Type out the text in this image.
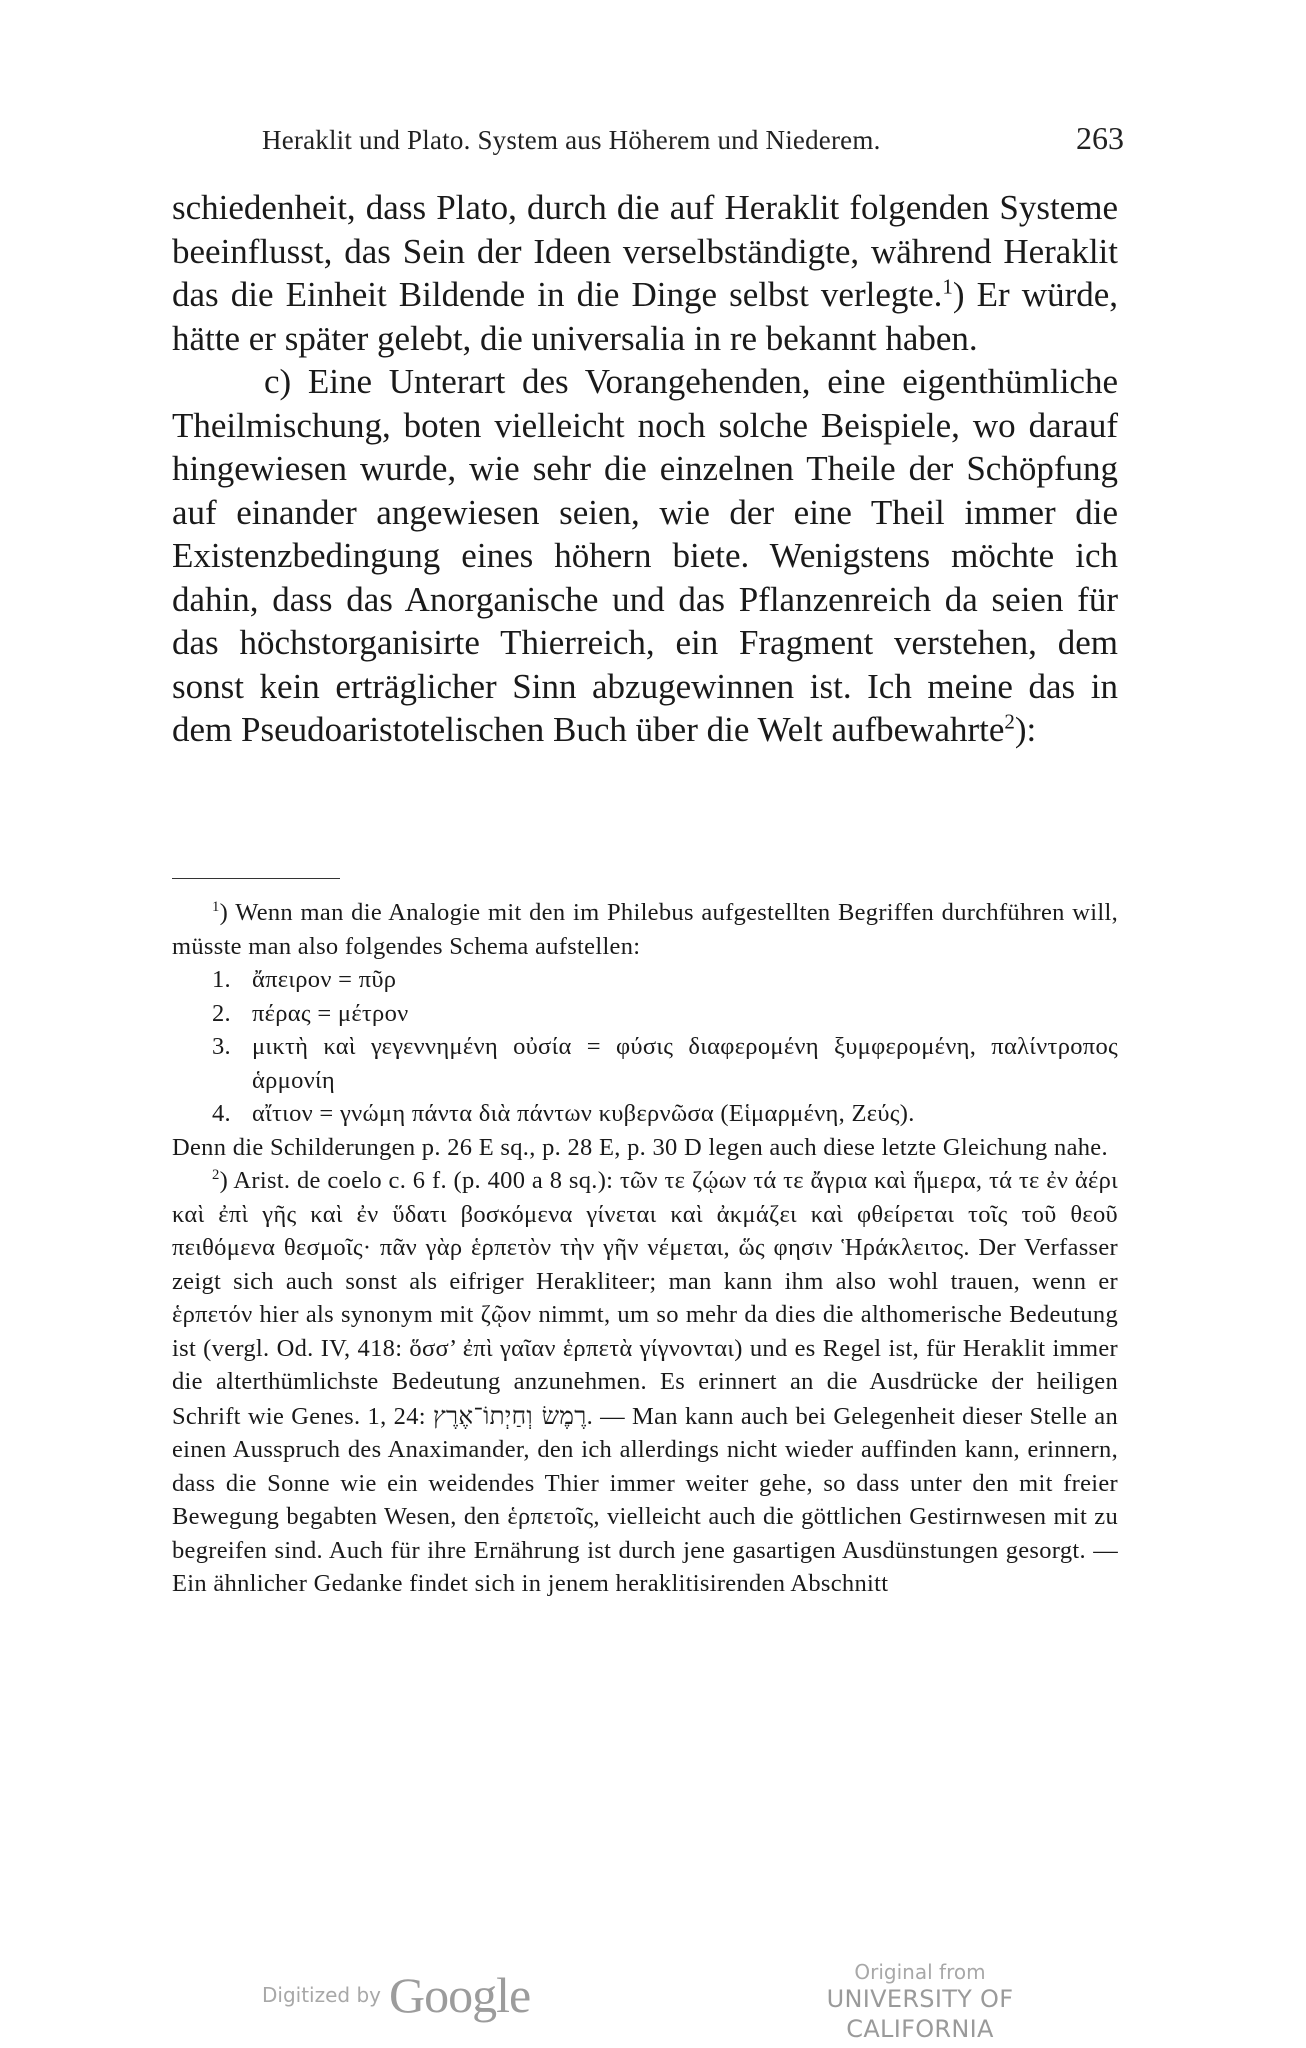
Heraklit und Plato. System aus Höherem und Niederem.	263

schiedenheit, dass Plato, durch die auf Heraklit folgenden Systeme beeinflusst, das Sein der Ideen verselbständigte, während Heraklit das die Einheit Bildende in die Dinge selbst verlegte.$^1$) Er würde, hätte er später gelebt, die universalia in re bekannt haben.

c) Eine Unterart des Vorangehenden, eine eigenthümliche Theilmischung, boten vielleicht noch solche Beispiele, wo darauf hingewiesen wurde, wie sehr die einzelnen Theile der Schöpfung auf einander angewiesen seien, wie der eine Theil immer die Existenzbedingung eines höhern biete. Wenigstens möchte ich dahin, dass das Anorganische und das Pflanzenreich da seien für das höchstorganisirte Thierreich, ein Fragment verstehen, dem sonst kein erträglicher Sinn abzugewinnen ist. Ich meine das in dem Pseudoaristotelischen Buch über die Welt aufbewahrte$^2$):

$^1$) Wenn man die Analogie mit den im Philebus aufgestellten Begriffen durchführen will, müsste man also folgendes Schema aufstellen:

1. ἄπειρον = πῦρ
2. πέρας = μέτρον
3. μικτὴ καὶ γεγεννημένη οὐσία = φύσις διαφερομένη ξυμφερομένη, παλίντροπος ἁρμονίη
4. αἴτιον = γνώμη πάντα διὰ πάντων κυβερνῶσα (Εἱμαρμένη, Ζεύς).

Denn die Schilderungen p. 26 E sq., p. 28 E, p. 30 D legen auch diese letzte Gleichung nahe.

$^2$) Arist. de coelo c. 6 f. (p. 400 a 8 sq.): τῶν τε ζῴων τά τε ἄγρια καὶ ἥμερα, τά τε ἐν ἀέρι καὶ ἐπὶ γῆς καὶ ἐν ὕδατι βοσκόμενα γίνεται καὶ ἀκμάζει καὶ φθείρεται τοῖς τοῦ θεοῦ πειθόμενα θεσμοῖς· πᾶν γὰρ ἑρπετὸν τὴν γῆν νέμεται, ὥς φησιν Ἡράκλειτος. Der Verfasser zeigt sich auch sonst als eifriger Herakliteer; man kann ihm also wohl trauen, wenn er ἑρπετόν hier als synonym mit ζῷον nimmt, um so mehr da dies die althomerische Bedeutung ist (vergl. Od. IV, 418: ὅσσ’ ἐπὶ γαῖαν ἑρπετὰ γίγνονται) und es Regel ist, für Heraklit immer die alterthümlichste Bedeutung anzunehmen. Es erinnert an die Ausdrücke der heiligen Schrift wie Genes. 1, 24: רֶמֶשׂ וְחַיְתוֹ־אֶרֶץ. — Man kann auch bei Gelegenheit dieser Stelle an einen Ausspruch des Anaximander, den ich allerdings nicht wieder auffinden kann, erinnern, dass die Sonne wie ein weidendes Thier immer weiter gehe, so dass unter den mit freier Bewegung begabten Wesen, den ἑρπετοῖς, vielleicht auch die göttlichen Gestirnwesen mit zu begreifen sind. Auch für ihre Ernährung ist durch jene gasartigen Ausdünstungen gesorgt. — Ein ähnlicher Gedanke findet sich in jenem heraklitisirenden Abschnitt

Digitized by Google	Original from
UNIVERSITY OF CALIFORNIA
